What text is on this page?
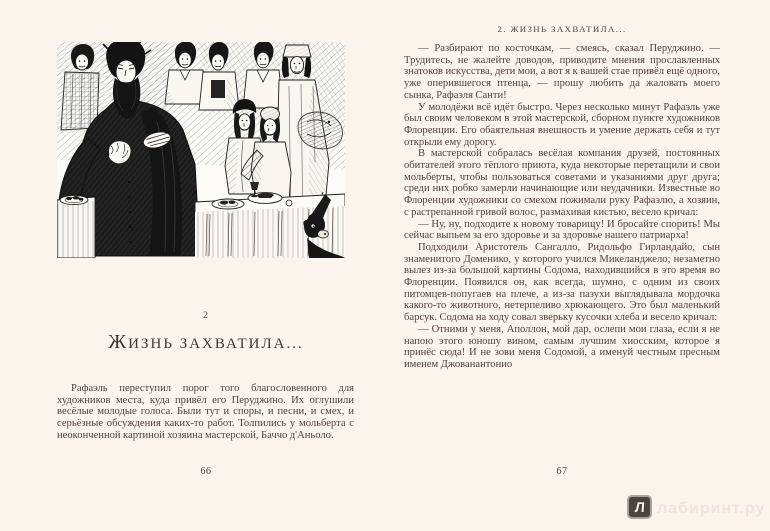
2
ЖИЗНЬ ЗАХВАТИЛА...

Рафаэль переступил порог того благословенного для художников места, куда привёл его Перуджино. Их оглушили весёлые молодые голоса. Были тут и споры, и песни, и смех, и серьёзные обсуждения каких-то работ. Толпились у мольберта с неоконченной картиной хозяина мастерской, Баччо д'Аньоло.

66
2. ЖИЗНЬ ЗАХВАТИЛА...

— Разбирают по косточкам, — смеясь, сказал Перуджино. — Трудитесь, не жалейте доводов, приводите мнения прославленных знатоков искусства, дети мои, а вот я к вашей стае привёл ещё одного, уже оперившегося птенца, — прошу любить да жаловать моего сынка, Рафаэля Санти!

У молодёжи всё идёт быстро. Через несколько минут Рафаэль уже был своим человеком в этой мастерской, сборном пункте художников Флоренции. Его обаятельная внешность и умение держать себя и тут открыли ему дорогу.

В мастерской собралась весёлая компания друзей, постоянных обитателей этого тёплого приюта, куда некоторые перетащили и свои мольберты, чтобы пользоваться советами и указаниями друг друга; среди них робко замерли начинающие или неудачники. Известные во Флоренции художники со смехом пожимали руку Рафаэлю, а хозяин, с растрепанной гривой волос, размахивая кистью, весело кричал:

— Ну, ну, подходите к новому товарищу! И бросайте спорить! Мы сейчас выпьем за его здоровье и за здоровье нашего патриарха!

Подходили Аристотель Сангалло, Ридольфо Гирландайо, сын знаменитого Доменико, у которого учился Микеланджело; незаметно вылез из-за большой картины Содома, находившийся в это время во Флоренции. Появился он, как всегда, шумно, с одним из своих питомцев-попугаев на плече, а из-за пазухи выглядывала мордочка какого-то животного, нетерпеливо хрюкающего. Это был маленький барсук. Содома на ходу совал зверьку кусочки хлеба и весело кричал:

— Отними у меня, Аполлон, мой дар, ослепи мои глаза, если я не напою этого юношу вином, самым лучшим хиосским, которое я принёс сюда! И не зови меня Содомой, а именуй честным пресным именем Джованантонио

67
Л лабиринт.ру
